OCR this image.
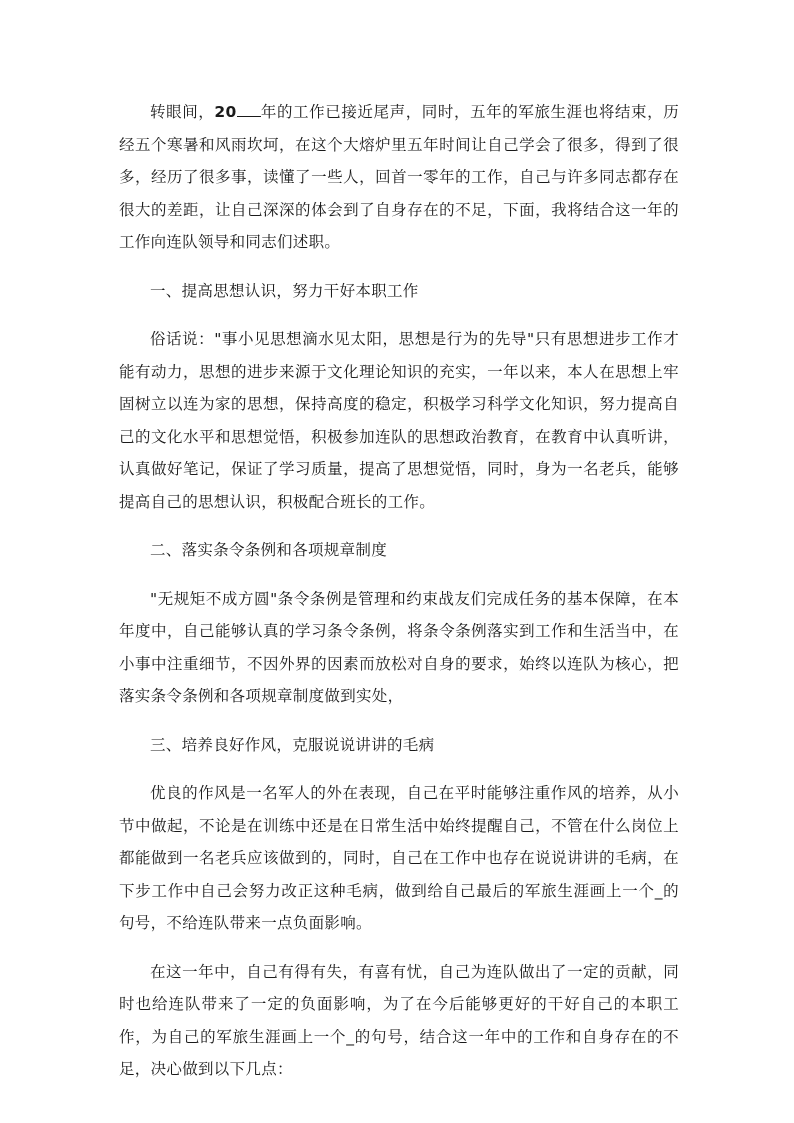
转眼间，20 年的工作已接近尾声，同时，五年的军旅生涯也将结束，历经五个寒暑和风雨坎坷，在这个大熔炉里五年时间让自己学会了很多，得到了很多，经历了很多事，读懂了一些人，回首一零年的工作，自己与许多同志都存在很大的差距，让自己深深的体会到了自身存在的不足，下面，我将结合这一年的工作向连队领导和同志们述职。

一、提高思想认识，努力干好本职工作

俗话说："事小见思想滴水见太阳，思想是行为的先导"只有思想进步工作才能有动力，思想的进步来源于文化理论知识的充实，一年以来，本人在思想上牢固树立以连为家的思想，保持高度的稳定，积极学习科学文化知识，努力提高自己的文化水平和思想觉悟，积极参加连队的思想政治教育，在教育中认真听讲，认真做好笔记，保证了学习质量，提高了思想觉悟，同时，身为一名老兵，能够提高自己的思想认识，积极配合班长的工作。

二、落实条令条例和各项规章制度

"无规矩不成方圆"条令条例是管理和约束战友们完成任务的基本保障，在本年度中，自己能够认真的学习条令条例，将条令条例落实到工作和生活当中，在小事中注重细节，不因外界的因素而放松对自身的要求，始终以连队为核心，把落实条令条例和各项规章制度做到实处，

三、培养良好作风，克服说说讲讲的毛病

优良的作风是一名军人的外在表现，自己在平时能够注重作风的培养，从小节中做起，不论是在训练中还是在日常生活中始终提醒自己，不管在什么岗位上都能做到一名老兵应该做到的，同时，自己在工作中也存在说说讲讲的毛病，在下步工作中自己会努力改正这种毛病，做到给自己最后的军旅生涯画上一个_的句号，不给连队带来一点负面影响。

在这一年中，自己有得有失，有喜有忧，自己为连队做出了一定的贡献，同时也给连队带来了一定的负面影响，为了在今后能够更好的干好自己的本职工作，为自己的军旅生涯画上一个_的句号，结合这一年中的工作和自身存在的不足，决心做到以下几点：
